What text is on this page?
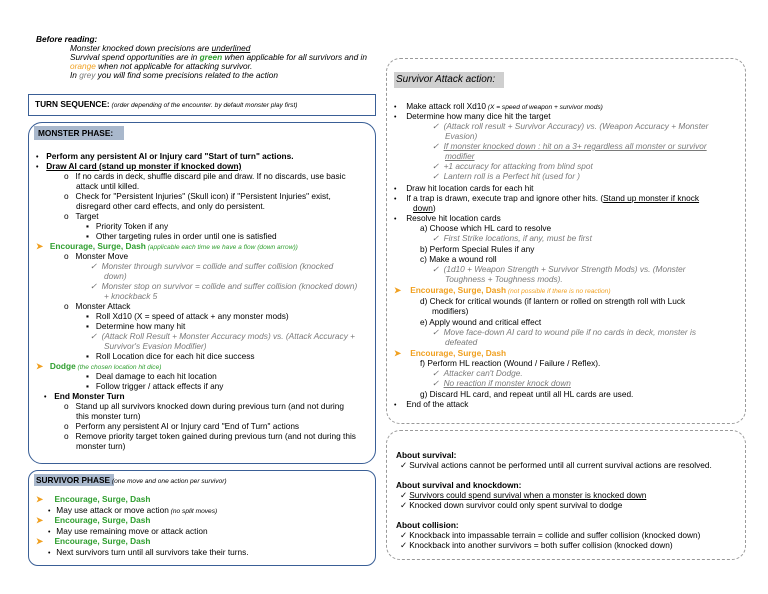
Before reading:
Monster knocked down precisions are underlined
Survival spend opportunities are in green when applicable for all survivors and in
orange when not applicable for attacking survivor.
In grey you will find some precisions related to the action
TURN SEQUENCE: (order depending of the encounter. by default monster play first)
MONSTER PHASE:
•    Perform any persistent AI or Injury card "Start of turn" actions.
•    Draw AI card (stand up monster if knocked down)
o   If no cards in deck, shuffle discard pile and draw. If no discards, use basic
attack until killed.
o   Check for "Persistent Injuries" (Skull icon) if "Persistent Injuries" exist,
disregard other card effects, and only do persistent.
o   Target
▪   Priority Token if any
▪   Other targeting rules in order until one is satisfied
➤   Encourage, Surge, Dash (applicable each time we have a flow (down arrow))
o   Monster Move
✓  Monster through survivor = collide and suffer collision (knocked
down)
✓  Monster stop on survivor = collide and suffer collision (knocked down)
+ knockback 5
o   Monster Attack
▪   Roll Xd10 (X = speed of attack + any monster mods)
▪   Determine how many hit
✓  (Attack Roll Result + Monster Accuracy mods) vs. (Attack Accuracy +
Survivor's Evasion Modifier)
▪   Roll Location dice for each hit dice success
➤   Dodge (the chosen location hit dice)
▪   Deal damage to each hit location
▪   Follow trigger / attack effects if any
•    End Monster Turn
o   Stand up all survivors knocked down during previous turn (and not during
this monster turn)
o   Perform any persistent AI or Injury card "End of Turn" actions
o   Remove priority target token gained during previous turn (and not during this
monster turn)
SURVIVOR PHASE (one move and one action per survivor)
➤     Encourage, Surge, Dash
•   May use attack or move action (no split moves)
➤     Encourage, Surge, Dash
•   May use remaining move or attack action
➤     Encourage, Surge, Dash
•   Next survivors turn until all survivors take their turns.
Survivor Attack action:
•     Make attack roll Xd10 (X = speed of weapon + survivor mods)
•     Determine how many dice hit the target
✓  (Attack roll result + Survivor Accuracy) vs. (Weapon Accuracy + Monster
Evasion)
✓  If monster knocked down : hit on a 3+ regardless all monster or survivor
modifier
✓  +1 accuracy for attacking from blind spot
✓  Lantern roll is a Perfect hit (used for )
•     Draw hit location cards for each hit
•     If a trap is drawn, execute trap and ignore other hits. (Stand up monster if knock
down)
•     Resolve hit location cards
a) Choose which HL card to resolve
✓  First Strike locations, if any, must be first
b) Perform Special Rules if any
c) Make a wound roll
✓  (1d10 + Weapon Strength + Survivor Strength Mods) vs. (Monster
Toughness + Toughness mods).
➤    Encourage, Surge, Dash (not possible if there is no reaction)
d) Check for critical wounds (if lantern or rolled on strength roll with Luck
modifiers)
e) Apply wound and critical effect
✓  Move face-down AI card to wound pile if no cards in deck, monster is
defeated
➤    Encourage, Surge, Dash
f) Perform HL reaction (Wound / Failure / Reflex).
✓  Attacker can't Dodge.
✓  No reaction if monster knock down
g) Discard HL card, and repeat until all HL cards are used.
•     End of the attack
About survival:
✓ Survival actions cannot be performed until all current survival actions are resolved.
About survival and knockdown:
✓ Survivors could spend survival when a monster is knocked down
✓ Knocked down survivor could only spent survival to dodge
About collision:
✓ Knockback into impassable terrain = collide and suffer collision (knocked down)
✓ Knockback into another survivors = both suffer collision (knocked down)
